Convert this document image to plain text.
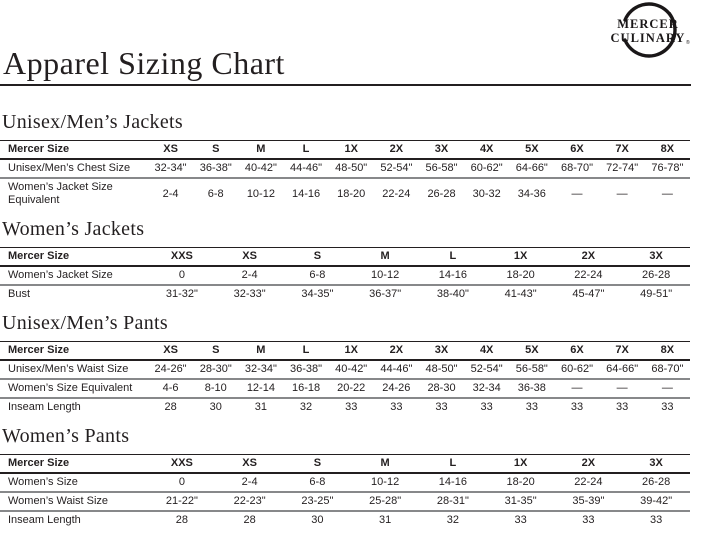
MERCER
CULINARY ®
Apparel Sizing Chart
Unisex/Men’s Jackets
Mercer Size	XS	S	M	L	1X	2X	3X	4X	5X	6X	7X	8X
Unisex/Men’s Chest Size	32-34"	36-38"	40-42"	44-46"	48-50"	52-54"	56-58"	60-62"	64-66"	68-70"	72-74"	76-78"
Women’s Jacket Size Equivalent	2-4	6-8	10-12	14-16	18-20	22-24	26-28	30-32	34-36	—	—	—
Women’s Jackets
Mercer Size	XXS	XS	S	M	L	1X	2X	3X
Women’s Jacket Size	0	2-4	6-8	10-12	14-16	18-20	22-24	26-28
Bust	31-32"	32-33"	34-35"	36-37"	38-40"	41-43"	45-47"	49-51"
Unisex/Men’s Pants
Mercer Size	XS	S	M	L	1X	2X	3X	4X	5X	6X	7X	8X
Unisex/Men’s Waist Size	24-26"	28-30"	32-34"	36-38"	40-42"	44-46"	48-50"	52-54"	56-58"	60-62"	64-66"	68-70"
Women’s Size Equivalent	4-6	8-10	12-14	16-18	20-22	24-26	28-30	32-34	36-38	—	—	—
Inseam Length	28	30	31	32	33	33	33	33	33	33	33	33
Women’s Pants
Mercer Size	XXS	XS	S	M	L	1X	2X	3X
Women’s Size	0	2-4	6-8	10-12	14-16	18-20	22-24	26-28
Women’s Waist Size	21-22"	22-23"	23-25"	25-28"	28-31"	31-35"	35-39"	39-42"
Inseam Length	28	28	30	31	32	33	33	33
